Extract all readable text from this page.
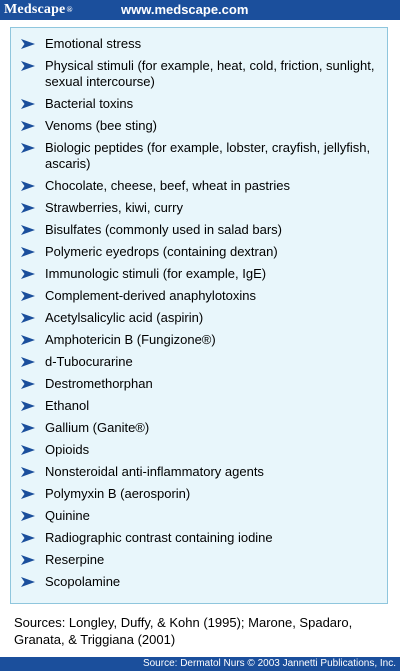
Medscape®	www.medscape.com
Emotional stress
Physical stimuli (for example, heat, cold, friction, sunlight, sexual intercourse)
Bacterial toxins
Venoms (bee sting)
Biologic peptides (for example, lobster, crayfish, jellyfish, ascaris)
Chocolate, cheese, beef, wheat in pastries
Strawberries, kiwi, curry
Bisulfates (commonly used in salad bars)
Polymeric eyedrops (containing dextran)
Immunologic stimuli (for example, IgE)
Complement-derived anaphylotoxins
Acetylsalicylic acid (aspirin)
Amphotericin B (Fungizone®)
d-Tubocurarine
Destromethorphan
Ethanol
Gallium (Ganite®)
Opioids
Nonsteroidal anti-inflammatory agents
Polymyxin B (aerosporin)
Quinine
Radiographic contrast containing iodine
Reserpine
Scopolamine
Sources: Longley, Duffy, & Kohn (1995); Marone, Spadaro, Granata, & Triggiana (2001)
Source: Dermatol Nurs © 2003 Jannetti Publications, Inc.
